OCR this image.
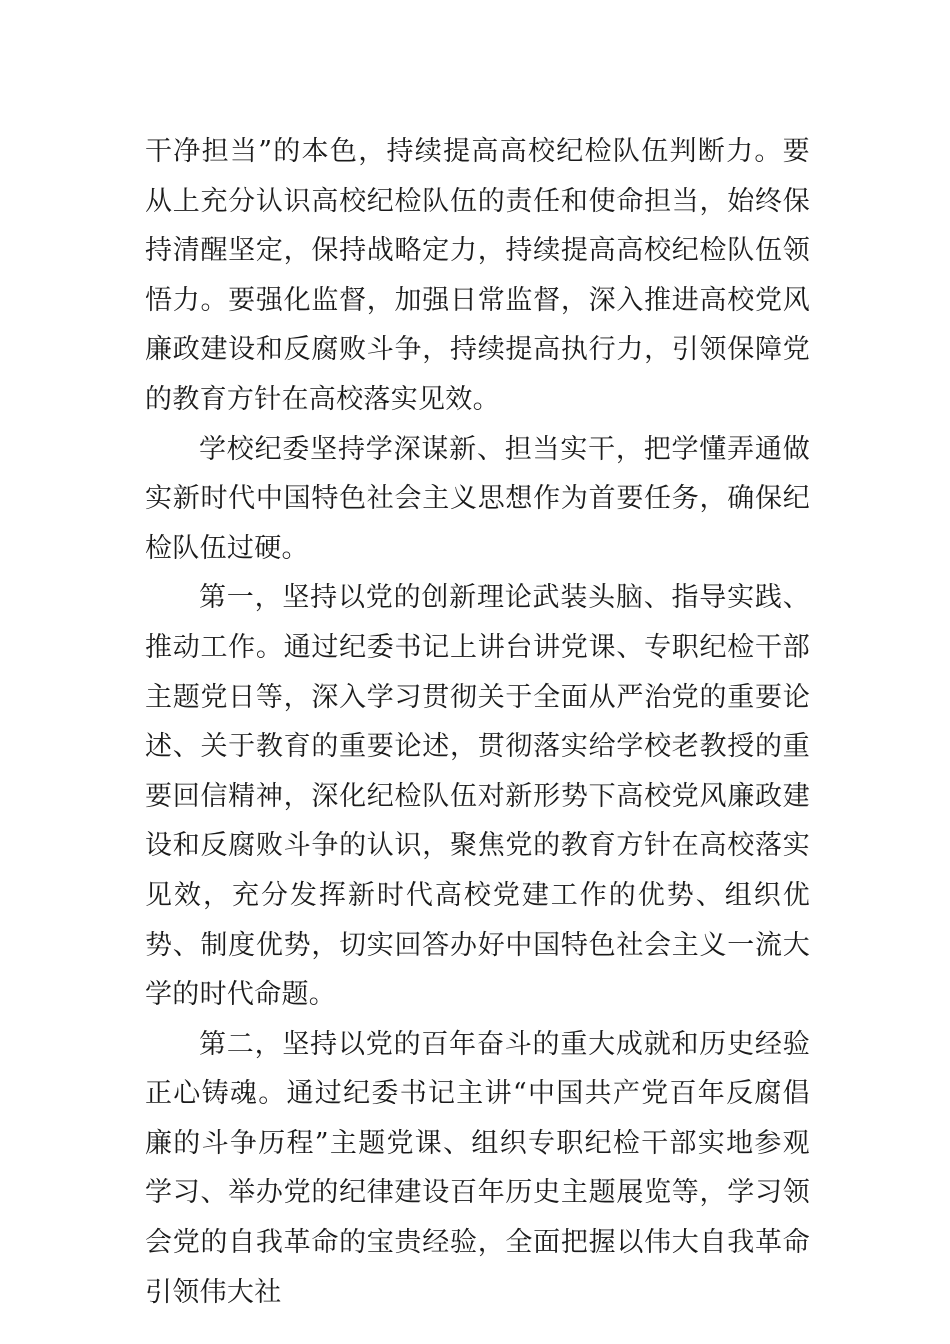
干净担当”的本色，持续提高高校纪检队伍判断力。要从上充分认识高校纪检队伍的责任和使命担当，始终保持清醒坚定，保持战略定力，持续提高高校纪检队伍领悟力。要强化监督，加强日常监督，深入推进高校党风廉政建设和反腐败斗争，持续提高执行力，引领保障党的教育方针在高校落实见效。

学校纪委坚持学深谋新、担当实干，把学懂弄通做实新时代中国特色社会主义思想作为首要任务，确保纪检队伍过硬。

第一，坚持以党的创新理论武装头脑、指导实践、推动工作。通过纪委书记上讲台讲党课、专职纪检干部主题党日等，深入学习贯彻关于全面从严治党的重要论述、关于教育的重要论述，贯彻落实给学校老教授的重要回信精神，深化纪检队伍对新形势下高校党风廉政建设和反腐败斗争的认识，聚焦党的教育方针在高校落实见效，充分发挥新时代高校党建工作的优势、组织优势、制度优势，切实回答办好中国特色社会主义一流大学的时代命题。

第二，坚持以党的百年奋斗的重大成就和历史经验正心铸魂。通过纪委书记主讲“中国共产党百年反腐倡廉的斗争历程”主题党课、组织专职纪检干部实地参观学习、举办党的纪律建设百年历史主题展览等，学习领会党的自我革命的宝贵经验，全面把握以伟大自我革命引领伟大社
